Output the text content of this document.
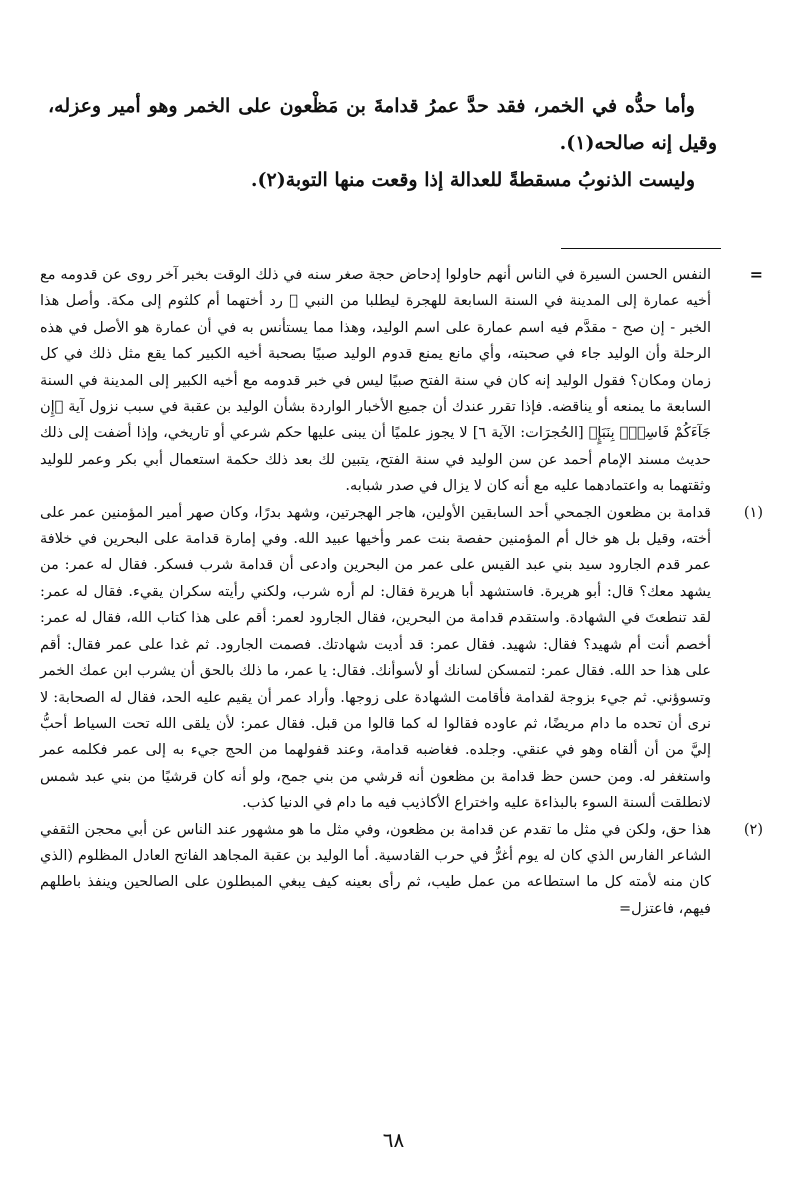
وأما حدُّه في الخمر، فقد حدَّ عمرُ قدامةَ بن مَظْعون على الخمر وهو أمير وعزله، وقيل إنه صالحه(١).

وليست الذنوبُ مسقطةً للعدالة إذا وقعت منها التوبة(٢).

=
النفس الحسن السيرة في الناس أنهم حاولوا إدحاض حجة صغر سنه في ذلك الوقت بخبر آخر روى عن قدومه مع أخيه عمارة إلى المدينة في السنة السابعة للهجرة ليطلبا من النبي ﷺ رد أختهما أم كلثوم إلى مكة. وأصل هذا الخبر - إن صح - مقدَّم فيه اسم عمارة على اسم الوليد، وهذا مما يستأنس به في أن عمارة هو الأصل في هذه الرحلة وأن الوليد جاء في صحبته، وأي مانع يمنع قدوم الوليد صبيًا بصحبة أخيه الكبير كما يقع مثل ذلك في كل زمان ومكان؟ فقول الوليد إنه كان في سنة الفتح صبيًا ليس في خبر قدومه مع أخيه الكبير إلى المدينة في السنة السابعة ما يمنعه أو يناقضه. فإذا تقرر عندك أن جميع الأخبار الواردة بشأن الوليد بن عقبة في سبب نزول آية ﴿إِن جَآءَكُمْ فَاسِقٌۢ بِنَبَإٍ﴾ [الحُجرَات: الآية ٦] لا يجوز علميًا أن يبنى عليها حكم شرعي أو تاريخي، وإذا أضفت إلى ذلك حديث مسند الإمام أحمد عن سن الوليد في سنة الفتح، يتبين لك بعد ذلك حكمة استعمال أبي بكر وعمر للوليد وثقتهما به واعتمادهما عليه مع أنه كان لا يزال في صدر شبابه.
(١)
قدامة بن مظعون الجمحي أحد السابقين الأولين، هاجر الهجرتين، وشهد بدرًا، وكان صهر أمير المؤمنين عمر على أخته، وقيل بل هو خال أم المؤمنين حفصة بنت عمر وأخيها عبيد الله. وفي إمارة قدامة على البحرين في خلافة عمر قدم الجارود سيد بني عبد القيس على عمر من البحرين وادعى أن قدامة شرب فسكر. فقال له عمر: من يشهد معك؟ قال: أبو هريرة. فاستشهد أبا هريرة فقال: لم أره شرب، ولكني رأيته سكران يقيء. فقال له عمر: لقد تنطعتَ في الشهادة. واستقدم قدامة من البحرين، فقال الجارود لعمر: أقم على هذا كتاب الله، فقال له عمر: أخصم أنت أم شهيد؟ فقال: شهيد. فقال عمر: قد أديت شهادتك. فصمت الجارود. ثم غدا على عمر فقال: أقم على هذا حد الله. فقال عمر: لتمسكن لسانك أو لأسوأنك. فقال: يا عمر، ما ذلك بالحق أن يشرب ابن عمك الخمر وتسوؤني. ثم جيء بزوجة لقدامة فأقامت الشهادة على زوجها. وأراد عمر أن يقيم عليه الحد، فقال له الصحابة: لا نرى أن تحده ما دام مريضًا، ثم عاوده فقالوا له كما قالوا من قبل. فقال عمر: لأن يلقى الله تحت السياط أحبُّ إليَّ من أن ألقاه وهو في عنقي. وجلده. فغاضبه قدامة، وعند قفولهما من الحج جيء به إلى عمر فكلمه عمر واستغفر له. ومن حسن حظ قدامة بن مظعون أنه قرشي من بني جمح، ولو أنه كان قرشيًا من بني عبد شمس لانطلقت ألسنة السوء بالبذاءة عليه واختراع الأكاذيب فيه ما دام في الدنيا كذب.
(٢)
هذا حق، ولكن في مثل ما تقدم عن قدامة بن مظعون، وفي مثل ما هو مشهور عند الناس عن أبي محجن الثقفي الشاعر الفارس الذي كان له يوم أغرُّ في حرب القادسية. أما الوليد بن عقبة المجاهد الفاتح العادل المظلوم (الذي كان منه لأمته كل ما استطاعه من عمل طيب، ثم رأى بعينه كيف يبغي المبطلون على الصالحين وينفذ باطلهم فيهم، فاعتزل=
٦٨
